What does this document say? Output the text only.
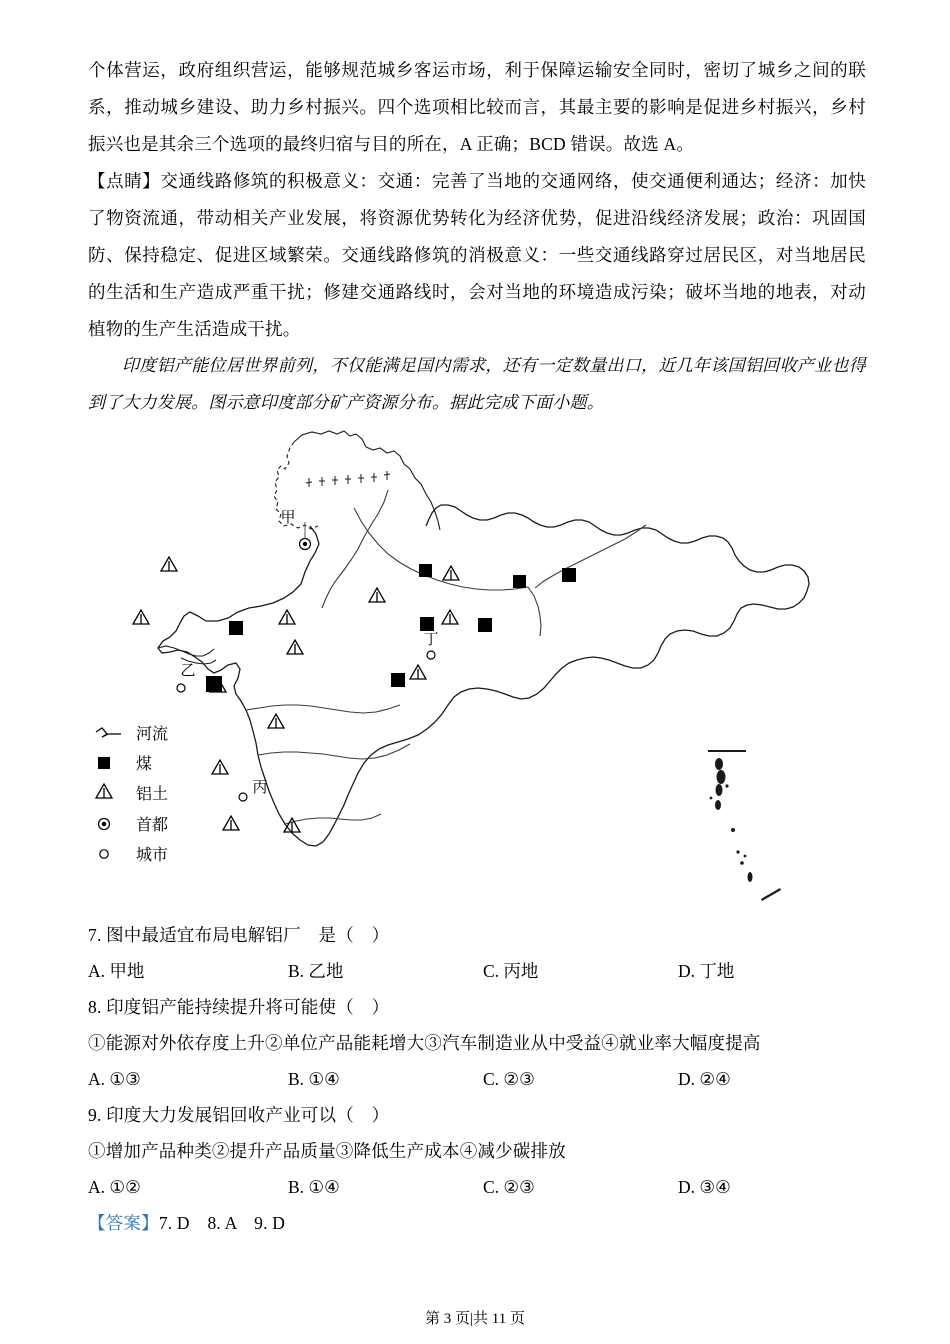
个体营运，政府组织营运，能够规范城乡客运市场，利于保障运输安全同时，密切了城乡之间的联系，推动城乡建设、助力乡村振兴。四个选项相比较而言，其最主要的影响是促进乡村振兴，乡村振兴也是其余三个选项的最终归宿与目的所在，A 正确；BCD 错误。故选 A。

【点睛】交通线路修筑的积极意义：交通：完善了当地的交通网络，使交通便利通达；经济：加快了物资流通，带动相关产业发展，将资源优势转化为经济优势，促进沿线经济发展；政治：巩固国防、保持稳定、促进区域繁荣。交通线路修筑的消极意义：一些交通线路穿过居民区，对当地居民的生活和生产造成严重干扰；修建交通路线时，会对当地的环境造成污染；破坏当地的地表，对动植物的生产生活造成干扰。

印度铝产能位居世界前列，不仅能满足国内需求，还有一定数量出口，近几年该国铝回收产业也得到了大力发展。图示意印度部分矿产资源分布。据此完成下面小题。

甲
乙
丙
丁
河流
煤
铝土
首都
城市

7. 图中最适宜布局电解铝厂　是（　）

A. 甲地	B. 乙地	C. 丙地	D. 丁地

8. 印度铝产能持续提升将可能使（　）

①能源对外依存度上升②单位产品能耗增大③汽车制造业从中受益④就业率大幅度提高

A. ①③	B. ①④	C. ②③	D. ②④

9. 印度大力发展铝回收产业可以（　）

①增加产品种类②提升产品质量③降低生产成本④减少碳排放

A. ①②	B. ①④	C. ②③	D. ③④

【答案】7. D　8. A　9. D

第 3 页|共 11 页
